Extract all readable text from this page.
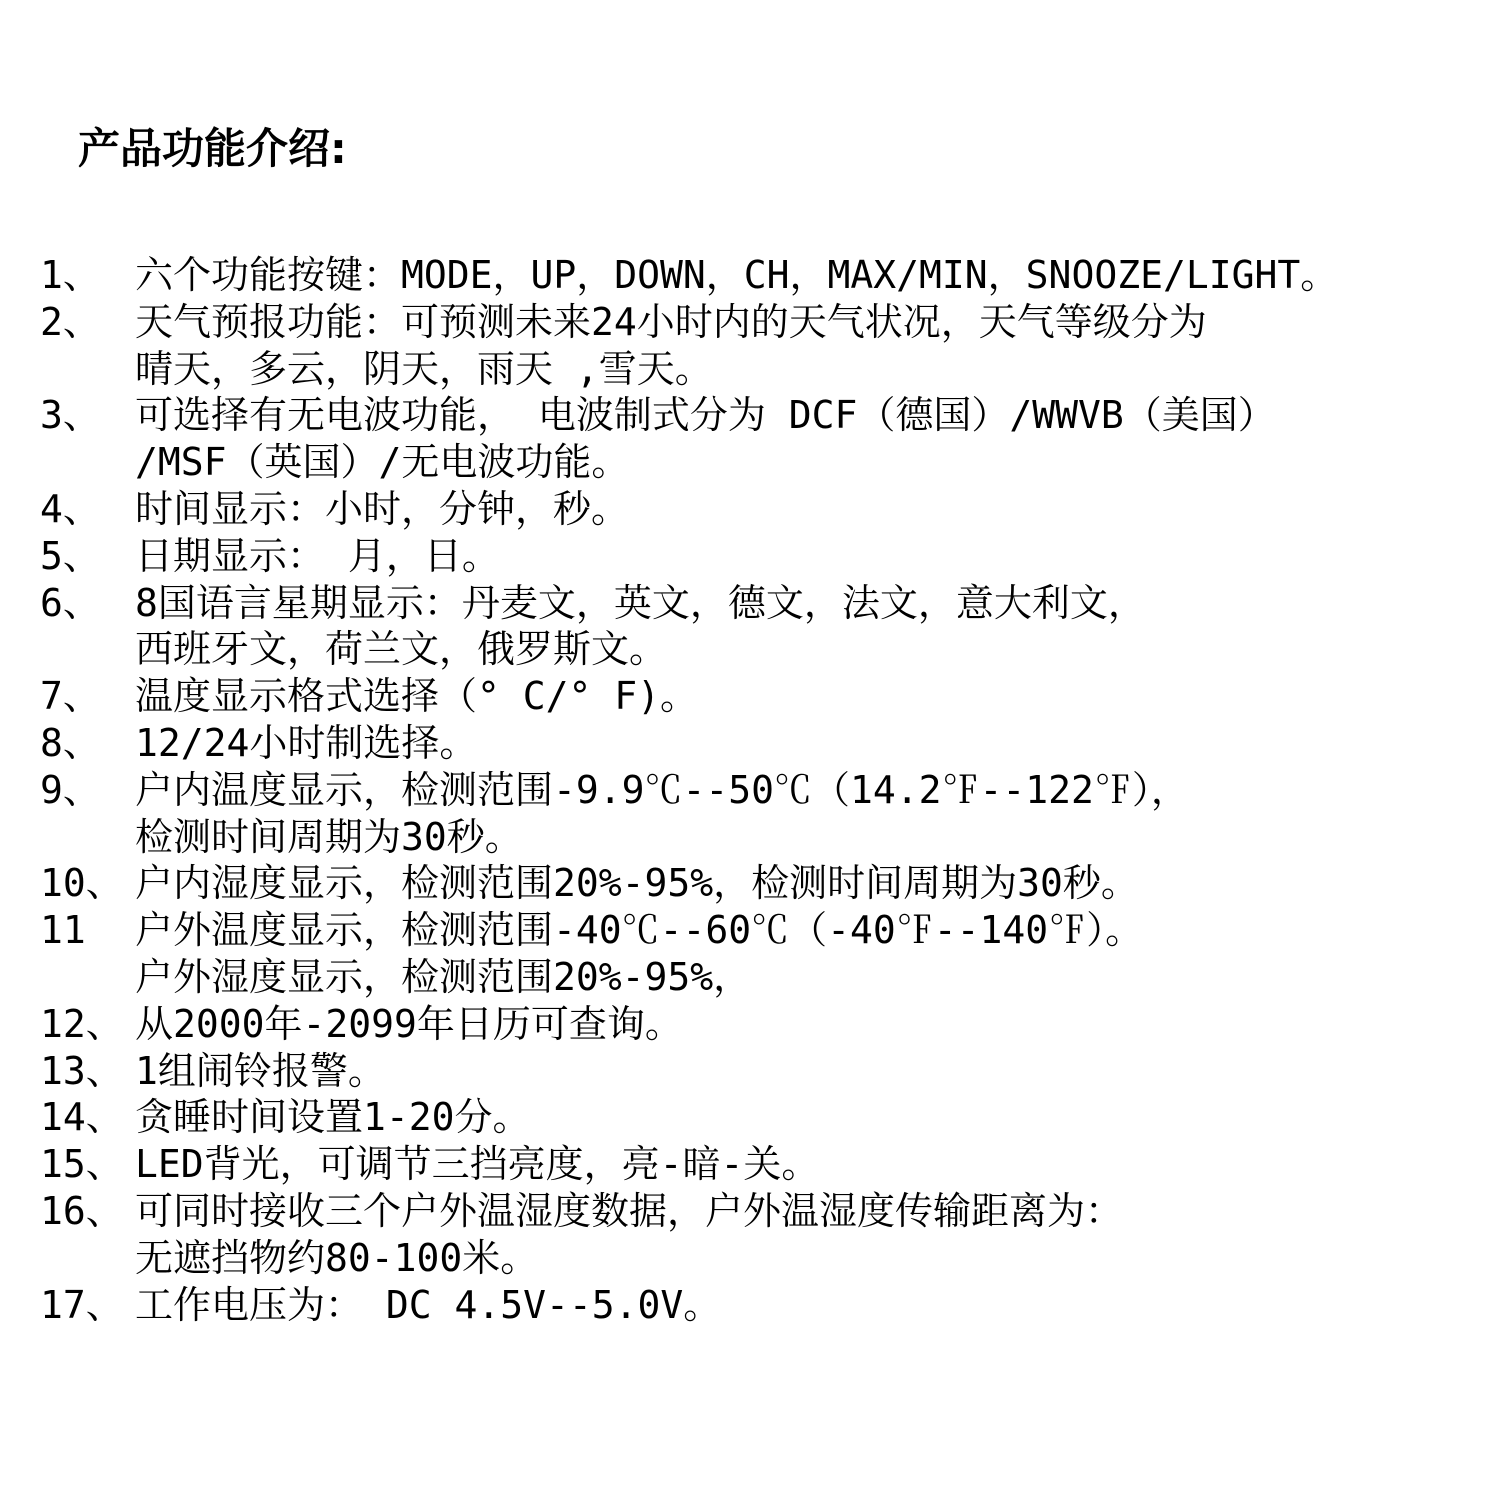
产品功能介绍:
1、 六个功能按键：MODE，UP，DOWN，CH，MAX/MIN，SNOOZE/LIGHT。
2、 天气预报功能：可预测未来24小时内的天气状况，天气等级分为
晴天，多云，阴天，雨天 ,雪天。
3、 可选择有无电波功能， 电波制式分为 DCF（德国）/WWVB（美国）
/MSF（英国）/无电波功能。
4、 时间显示：小时，分钟，秒。
5、 日期显示： 月，日。
6、 8国语言星期显示：丹麦文，英文，德文，法文，意大利文，
西班牙文，荷兰文，俄罗斯文。
7、 温度显示格式选择（° C/° F)。
8、 12/24小时制选择。
9、 户内温度显示，检测范围-9.9℃--50℃（14.2℉--122℉），
检测时间周期为30秒。
10、 户内湿度显示，检测范围20%-95%，检测时间周期为30秒。
11 户外温度显示，检测范围-40℃--60℃（-40℉--140℉）。
户外湿度显示，检测范围20%-95%，
12、 从2000年-2099年日历可查询。
13、 1组闹铃报警。
14、 贪睡时间设置1-20分。
15、 LED背光，可调节三挡亮度，亮-暗-关。
16、 可同时接收三个户外温湿度数据，户外温湿度传输距离为：
无遮挡物约80-100米。
17、 工作电压为： DC 4.5V--5.0V。
